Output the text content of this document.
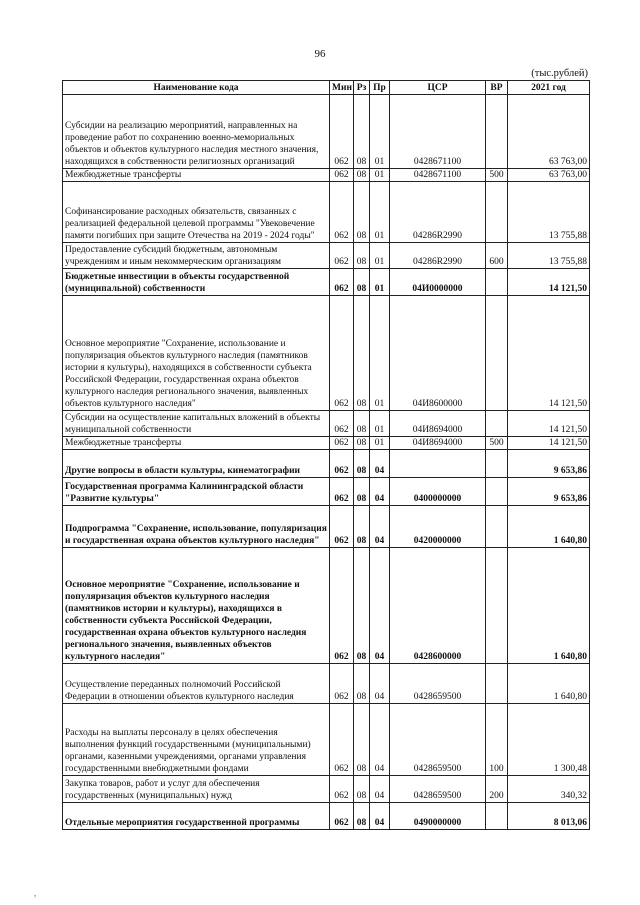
96
(тыс.рублей)
Наименование кода	Мин	Рз	Пр	ЦСР	ВР	2021 год
Субсидии на реализацию мероприятий, направленных на проведение работ по сохранению военно-мемориальных объектов и объектов культурного наследия местного значения, находящихся в собственности религиозных организаций	062	08	01	0428671100		63 763,00
Межбюджетные трансферты	062	08	01	0428671100	500	63 763,00
Софинансирование расходных обязательств, связанных с реализацией федеральной целевой программы "Увековечение памяти погибших при защите Отечества на 2019 - 2024 годы"	062	08	01	04286R2990		13 755,88
Предоставление субсидий бюджетным, автономным учреждениям и иным некоммерческим организациям	062	08	01	04286R2990	600	13 755,88
Бюджетные инвестиции в объекты государственной (муниципальной) собственности	062	08	01	04И0000000		14 121,50
Основное мероприятие "Сохранение, использование и популяризация объектов культурного наследия (памятников истории я культуры), находящихся в собственности субъекта Российской Федерации, государственная охрана объектов культурного наследия регионального значения, выявленных объектов культурного наследия"	062	08	01	04И8600000		14 121,50
Субсидии на осуществление капитальных вложений в объекты муниципальной собственности	062	08	01	04И8694000		14 121,50
Межбюджетные трансферты	062	08	01	04И8694000	500	14 121,50
Другие вопросы в области культуры, кинематографии	062	08	04			9 653,86
Государственная программа Калининградской области "Развитие культуры"	062	08	04	0400000000		9 653,86
Подпрограмма "Сохранение, использование, популяризация и государственная охрана объектов культурного наследия"	062	08	04	0420000000		1 640,80
Основное мероприятие "Сохранение, использование и популяризация объектов культурного наследия (памятников истории и культуры), находящихся в собственности субъекта Российской Федерации, государственная охрана объектов культурного наследия регионального значения, выявленных объектов культурного наследия"	062	08	04	0428600000		1 640,80
Осуществление переданных полномочий Российской Федерации в отношении объектов культурного наследия	062	08	04	0428659500		1 640,80
Расходы на выплаты персоналу в целях обеспечения выполнения функций государственными (муниципальными) органами, казенными учреждениями, органами управления государственными внебюджетными фондами	062	08	04	0428659500	100	1 300,48
Закупка товаров, работ и услуг для обеспечения государственных (муниципальных) нужд	062	08	04	0428659500	200	340,32
Отдельные мероприятия государственной программы	062	08	04	0490000000		8 013,06
,
